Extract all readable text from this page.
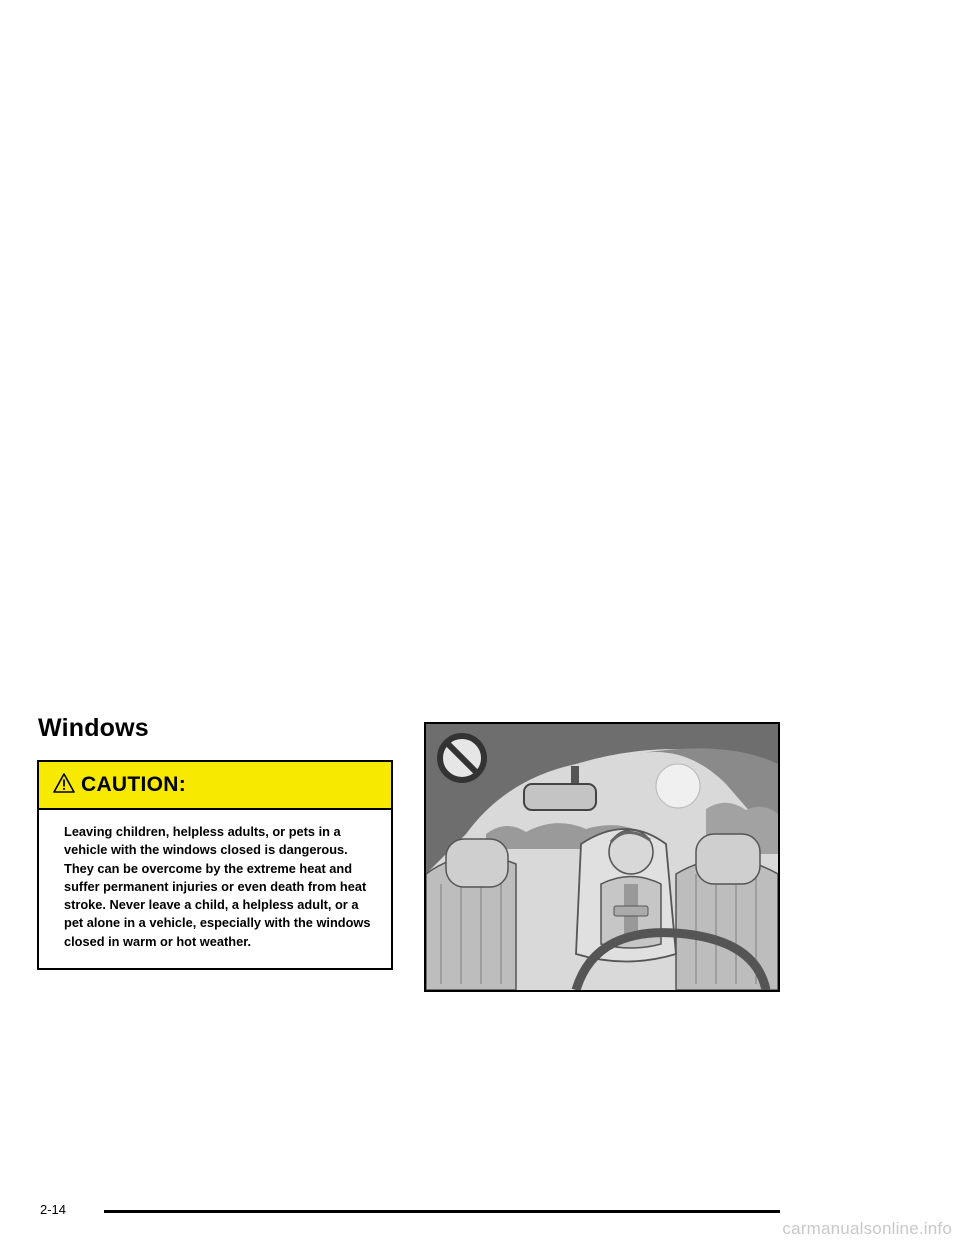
Windows
CAUTION:

Leaving children, helpless adults, or pets in a vehicle with the windows closed is dangerous. They can be overcome by the extreme heat and suffer permanent injuries or even death from heat stroke. Never leave a child, a helpless adult, or a pet alone in a vehicle, especially with the windows closed in warm or hot weather.

2-14
carmanualsonline.info
